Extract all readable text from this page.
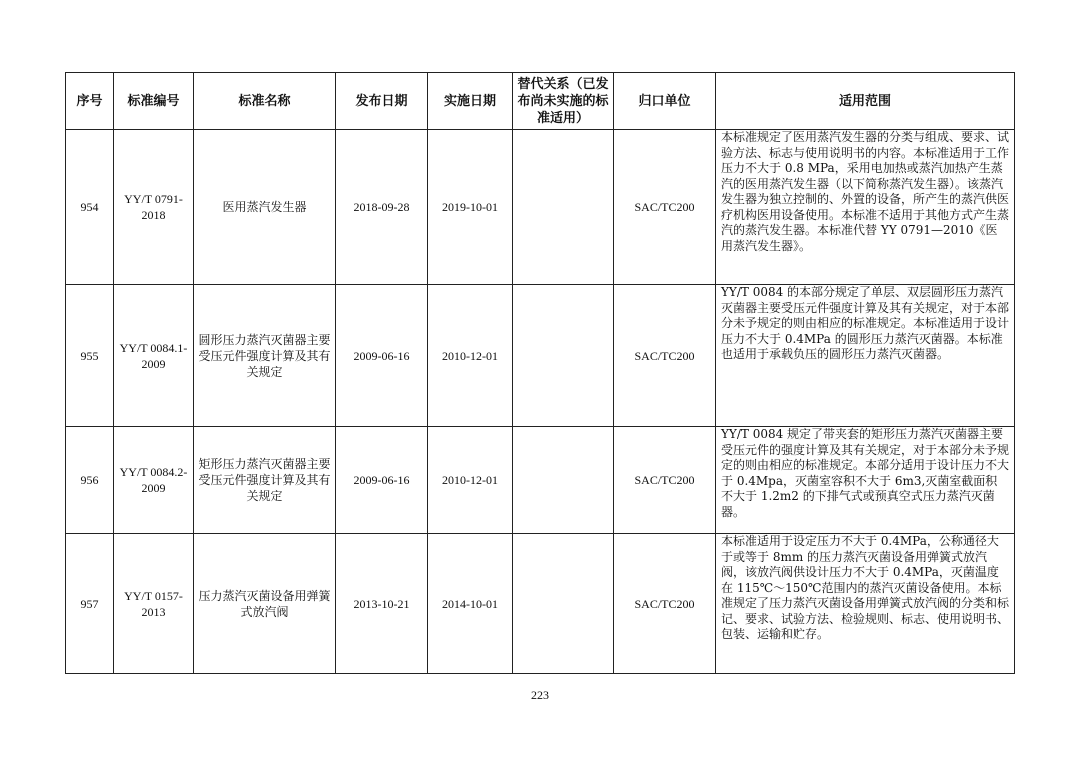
序号	标准编号	标准名称	发布日期	实施日期	替代关系（已发布尚未实施的标准适用）	归口单位	适用范围
954	YY/T 0791-2018	医用蒸汽发生器	2018-09-28	2019-10-01		SAC/TC200	本标准规定了医用蒸汽发生器的分类与组成、要求、试验方法、标志与使用说明书的内容。本标准适用于工作压力不大于 0.8 MPa，采用电加热或蒸汽加热产生蒸汽的医用蒸汽发生器（以下简称蒸汽发生器）。该蒸汽发生器为独立控制的、外置的设备，所产生的蒸汽供医疗机构医用设备使用。本标准不适用于其他方式产生蒸汽的蒸汽发生器。本标准代替 YY 0791—2010《医用蒸汽发生器》。
955	YY/T 0084.1-2009	圆形压力蒸汽灭菌器主要受压元件强度计算及其有关规定	2009-06-16	2010-12-01		SAC/TC200	YY/T 0084 的本部分规定了单层、双层圆形压力蒸汽灭菌器主要受压元件强度计算及其有关规定，对于本部分未予规定的则由相应的标准规定。本标准适用于设计压力不大于 0.4MPa 的圆形压力蒸汽灭菌器。本标准也适用于承载负压的圆形压力蒸汽灭菌器。
956	YY/T 0084.2-2009	矩形压力蒸汽灭菌器主要受压元件强度计算及其有关规定	2009-06-16	2010-12-01		SAC/TC200	YY/T 0084 规定了带夹套的矩形压力蒸汽灭菌器主要受压元件的强度计算及其有关规定，对于本部分未予规定的则由相应的标准规定。本部分适用于设计压力不大于 0.4Mpa，灭菌室容积不大于 6m3,灭菌室截面积不大于 1.2m2 的下排气式或预真空式压力蒸汽灭菌器。
957	YY/T 0157-2013	压力蒸汽灭菌设备用弹簧式放汽阀	2013-10-21	2014-10-01		SAC/TC200	本标准适用于设定压力不大于 0.4MPa，公称通径大于或等于 8mm 的压力蒸汽灭菌设备用弹簧式放汽阀，该放汽阀供设计压力不大于 0.4MPa，灭菌温度在 115℃～150℃范围内的蒸汽灭菌设备使用。本标准规定了压力蒸汽灭菌设备用弹簧式放汽阀的分类和标记、要求、试验方法、检验规则、标志、使用说明书、包装、运输和贮存。
223
